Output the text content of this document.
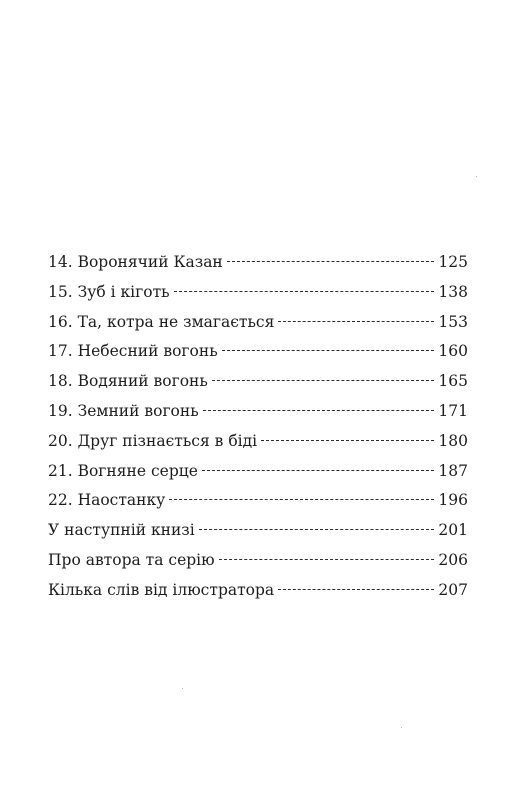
14. Воронячий Казан	125
15. Зуб і кіготь	138
16. Та, котра не змагається	153
17. Небесний вогонь	160
18. Водяний вогонь	165
19. Земний вогонь	171
20. Друг пізнається в біді	180
21. Вогняне серце	187
22. Наостанку	196
У наступній книзі	201
Про автора та серію	206
Кілька слів від ілюстратора	207
